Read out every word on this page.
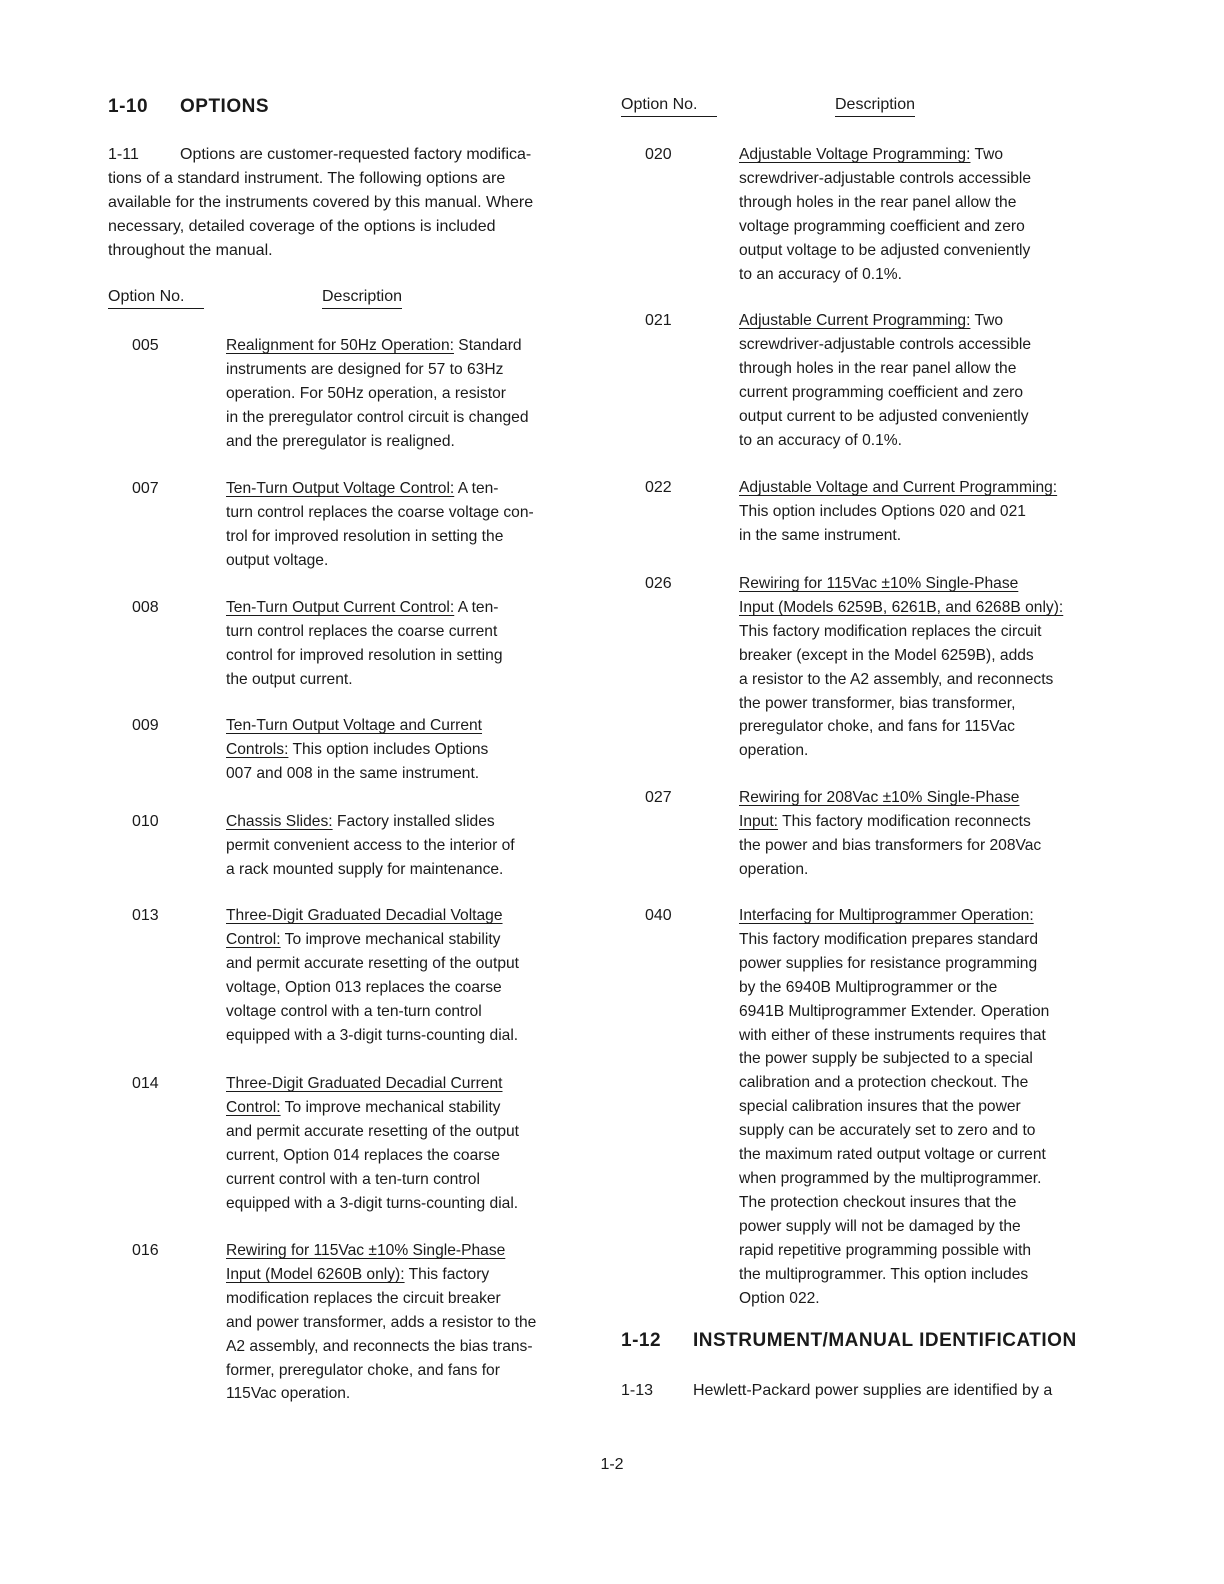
1-10 OPTIONS
1-11	Options are customer-requested factory modifica-
tions of a standard instrument. The following options are
available for the instruments covered by this manual. Where
necessary, detailed coverage of the options is included
throughout the manual.
Option No.	Description
005	Realignment for 50Hz Operation: Standard
instruments are designed for 57 to 63Hz
operation. For 50Hz operation, a resistor
in the preregulator control circuit is changed
and the preregulator is realigned.
007	Ten-Turn Output Voltage Control: A ten-
turn control replaces the coarse voltage con-
trol for improved resolution in setting the
output voltage.
008	Ten-Turn Output Current Control: A ten-
turn control replaces the coarse current
control for improved resolution in setting
the output current.
009	Ten-Turn Output Voltage and Current
Controls: This option includes Options
007 and 008 in the same instrument.
010	Chassis Slides: Factory installed slides
permit convenient access to the interior of
a rack mounted supply for maintenance.
013	Three-Digit Graduated Decadial Voltage
Control: To improve mechanical stability
and permit accurate resetting of the output
voltage, Option 013 replaces the coarse
voltage control with a ten-turn control
equipped with a 3-digit turns-counting dial.
014	Three-Digit Graduated Decadial Current
Control: To improve mechanical stability
and permit accurate resetting of the output
current, Option 014 replaces the coarse
current control with a ten-turn control
equipped with a 3-digit turns-counting dial.
016	Rewiring for 115Vac ±10% Single-Phase
Input (Model 6260B only): This factory
modification replaces the circuit breaker
and power transformer, adds a resistor to the
A2 assembly, and reconnects the bias trans-
former, preregulator choke, and fans for
115Vac operation.
Option No.	Description
020	Adjustable Voltage Programming: Two
screwdriver-adjustable controls accessible
through holes in the rear panel allow the
voltage programming coefficient and zero
output voltage to be adjusted conveniently
to an accuracy of 0.1%.
021	Adjustable Current Programming: Two
screwdriver-adjustable controls accessible
through holes in the rear panel allow the
current programming coefficient and zero
output current to be adjusted conveniently
to an accuracy of 0.1%.
022	Adjustable Voltage and Current Programming:
This option includes Options 020 and 021
in the same instrument.
026	Rewiring for 115Vac ±10% Single-Phase
Input (Models 6259B, 6261B, and 6268B only):
This factory modification replaces the circuit
breaker (except in the Model 6259B), adds
a resistor to the A2 assembly, and reconnects
the power transformer, bias transformer,
preregulator choke, and fans for 115Vac
operation.
027	Rewiring for 208Vac ±10% Single-Phase
Input: This factory modification reconnects
the power and bias transformers for 208Vac
operation.
040	Interfacing for Multiprogrammer Operation:
This factory modification prepares standard
power supplies for resistance programming
by the 6940B Multiprogrammer or the
6941B Multiprogrammer Extender. Operation
with either of these instruments requires that
the power supply be subjected to a special
calibration and a protection checkout. The
special calibration insures that the power
supply can be accurately set to zero and to
the maximum rated output voltage or current
when programmed by the multiprogrammer.
The protection checkout insures that the
power supply will not be damaged by the
rapid repetitive programming possible with
the multiprogrammer. This option includes
Option 022.
1-12 INSTRUMENT/MANUAL IDENTIFICATION
1-13 Hewlett-Packard power supplies are identified by a
1-2
